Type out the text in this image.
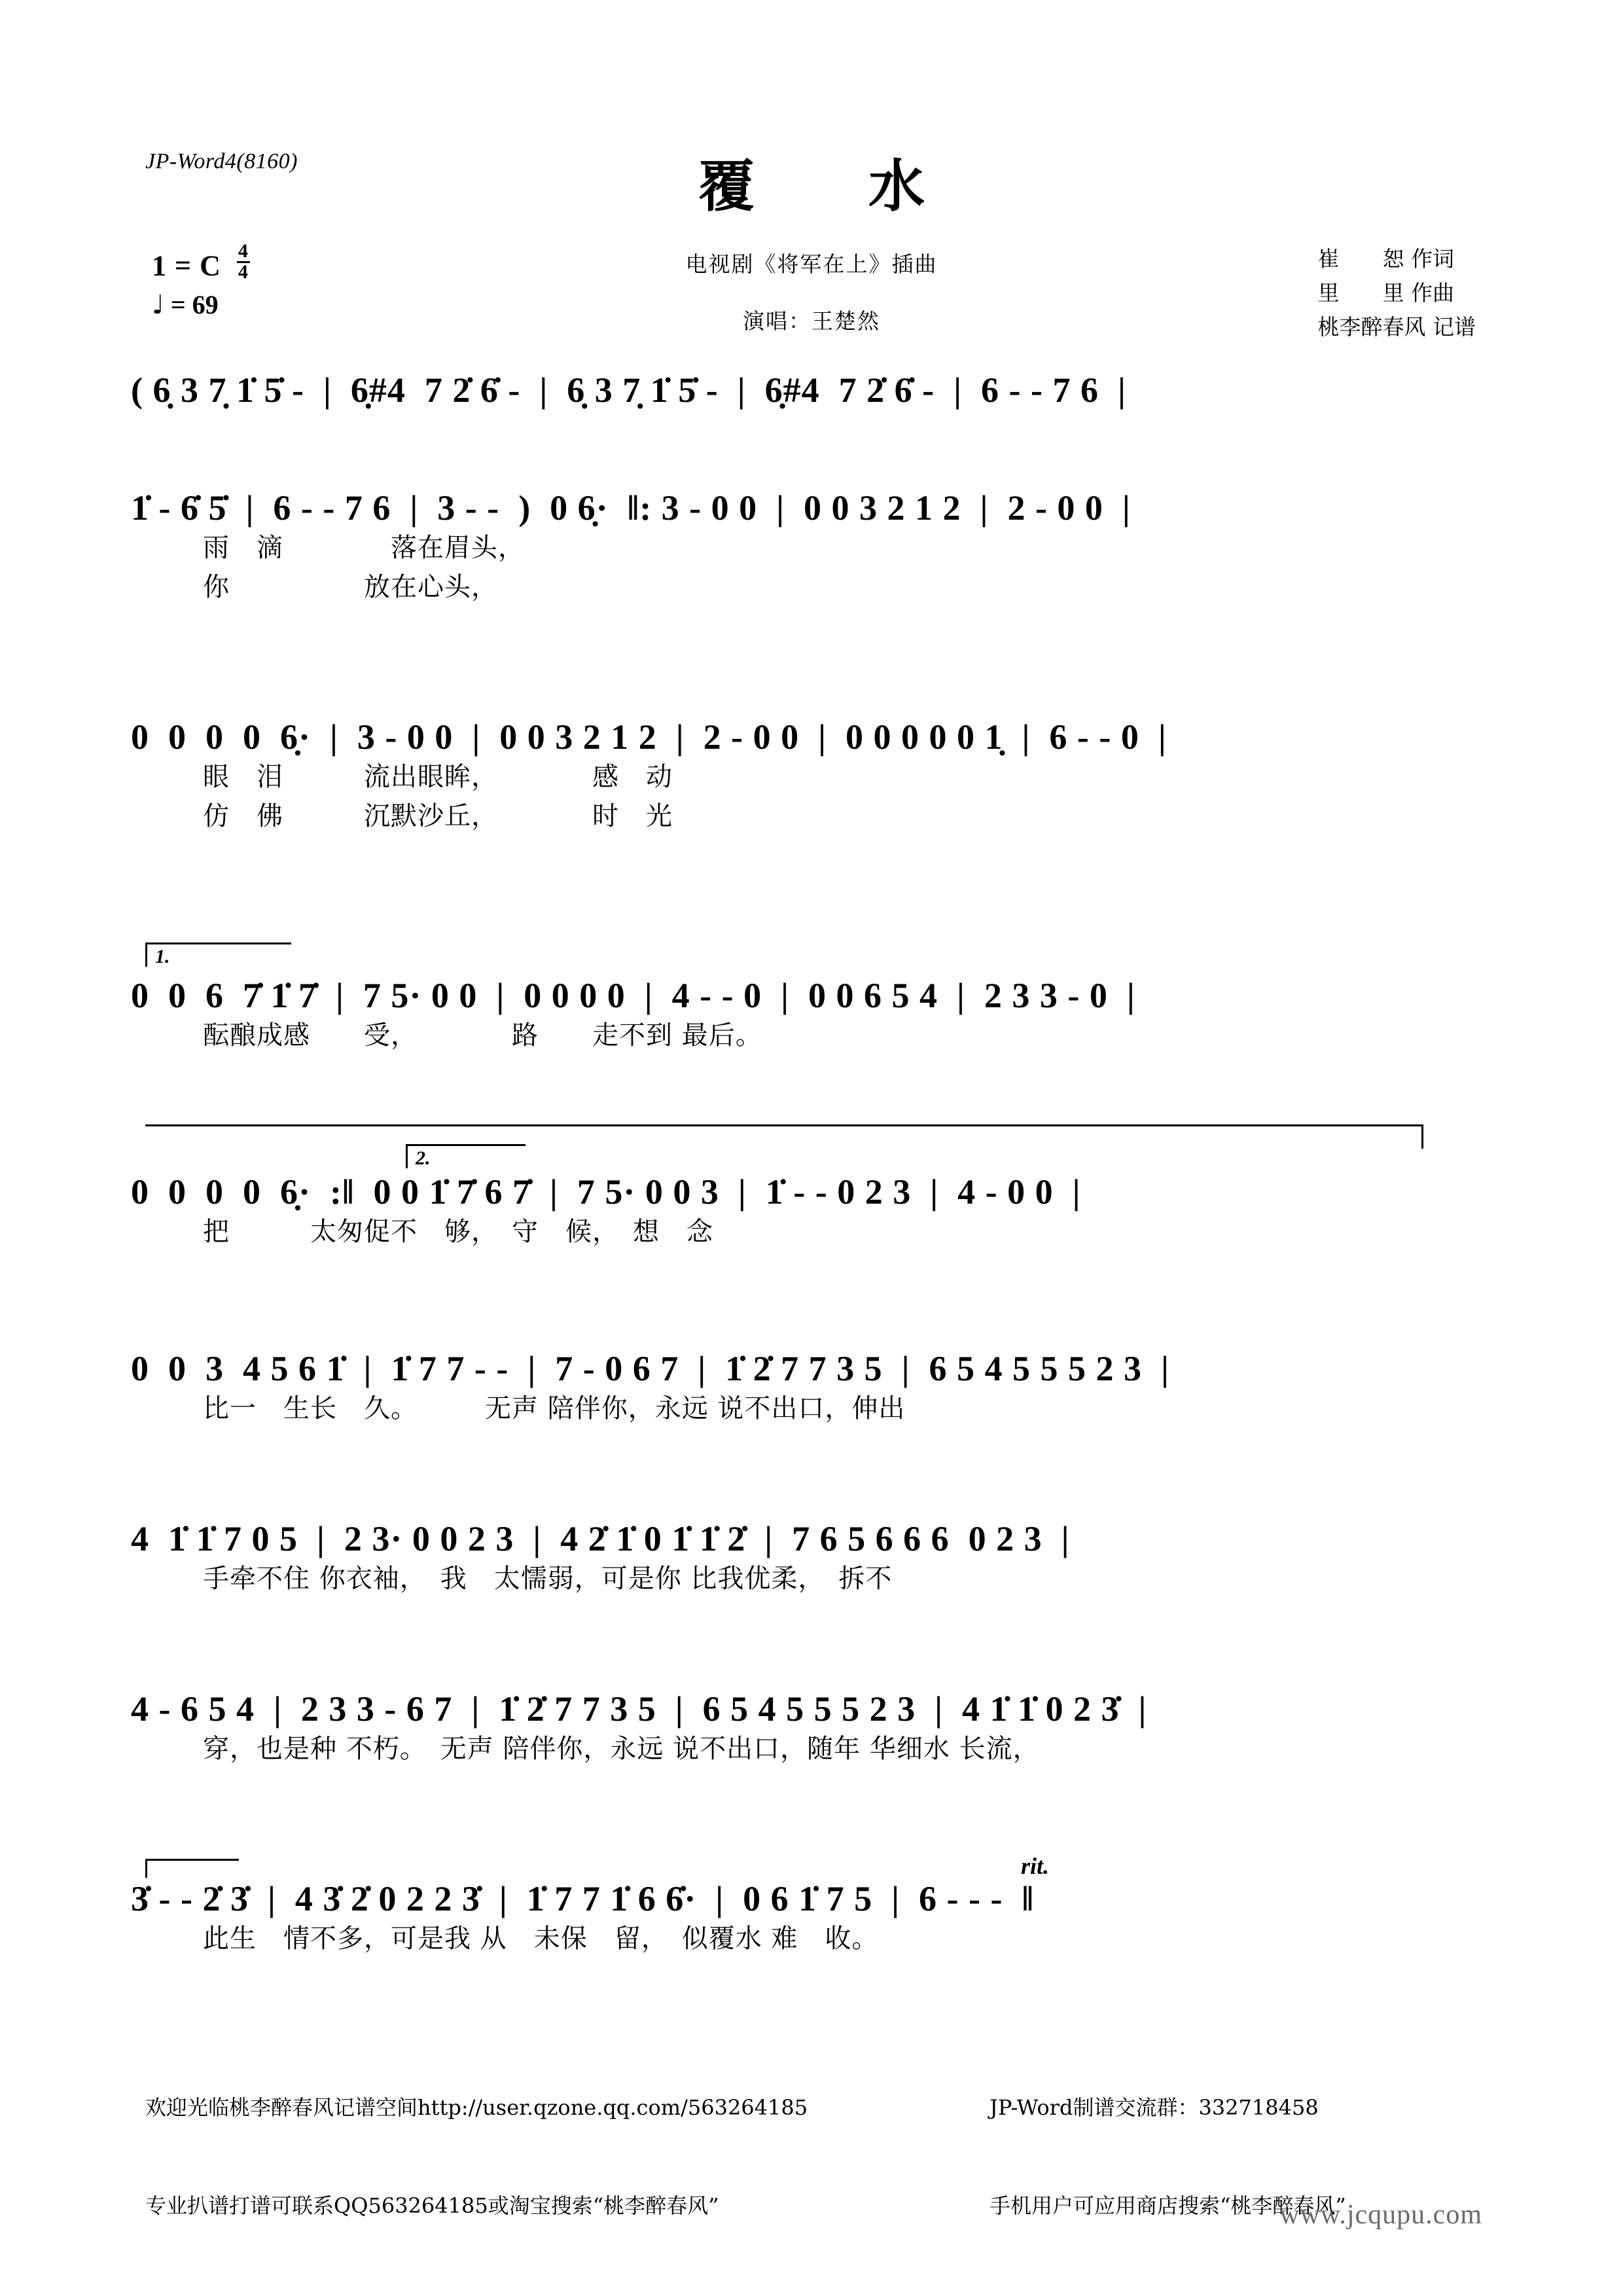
JP-Word4(8160)	覆　水
电视剧《将军在上》插曲
演唱：王楚然
1 = C $\frac{4}{4}$
♩ = 69
崔　　恕 作词
里　　里 作曲
桃李醉春风 记谱
( 6̣ 3 7̣ 1̇ 5̇ -  |  6̣#4  7 2̇ 6̇ -  |  6̣ 3 7̣ 1̇ 5̇ -  |  6̣#4  7 2̇ 6̇ -  |  6 - - 7 6  |
1̇ - 6̇ 5̇  |  6 - - 7 6  |  3 - -  )  0 6̣·  ‖: 3 - 0 0  |  0 0 3 2 1 2  |  2 - 0 0  |
雨　滴　　　　落在眉头，
你　　　　　放在心头，
0  0  0  0  6̣·  |  3 - 0 0  |  0 0 3 2 1 2  |  2 - 0 0  |  0 0 0 0 0 1̣  |  6 - - 0  |
眼　泪　　　流出眼眸，　　　　感　动
仿　佛　　　沉默沙丘，　　　　时　光
1.
0  0  6  7̇ 1̇ 7̇  |  7 5· 0 0  |  0 0 0 0  |  4 - - 0  |  0 0 6 5 4  |  2 3 3 - 0  |
酝酿成感　　受，　　　　路　　走不到 最后。
2.
0  0  0  0  6̣·  :‖  0 0 1̇ 7̇ 6 7̇  |  7 5· 0 0 3  |  1̇ - - 0 2 3  |  4 - 0 0  |
把　　　太匆促不　够，　守　候，　想　念
0  0  3  4 5 6 1̇  |  1̇ 7 7 - -  |  7 - 0 6 7  |  1̇ 2̇ 7 7 3 5  |  6 5 4 5 5 5 2 3  |
比一　生长　久。　　　无声 陪伴你，永远 说不出口，伸出
4  1̇ 1̇ 7 0 5  |  2 3· 0 0 2 3  |  4 2̇ 1̇ 0 1̇ 1̇ 2̇  |  7 6 5 6 6 6  0 2 3  |
手牵不住 你衣袖，　我　太懦弱，可是你 比我优柔，　拆不
4 - 6 5 4  |  2 3 3 - 6 7  |  1̇ 2̇ 7 7 3 5  |  6 5 4 5 5 5 2 3  |  4 1̇ 1̇ 0 2 3̇  |
穿，也是种 不朽。　无声 陪伴你，永远 说不出口，随年 华细水 长流，
rit.
3̇ - - 2̇ 3̇  |  4 3̇ 2̇ 0 2 2 3̇  |  1̇ 7 7 1̇ 6 6̇·  |  0 6 1̇ 7 5  |  6 - - -  ‖
此生　情不多，可是我 从　未保　留，　似覆水 难　收。

欢迎光临桃李醉春风记谱空间http://user.qzone.qq.com/563264185

专业扒谱打谱可联系QQ563264185或淘宝搜索“桃李醉春风”

JP-Word制谱交流群：332718458

手机用户可应用商店搜索“桃李醉春风”

www.jcqupu.com
